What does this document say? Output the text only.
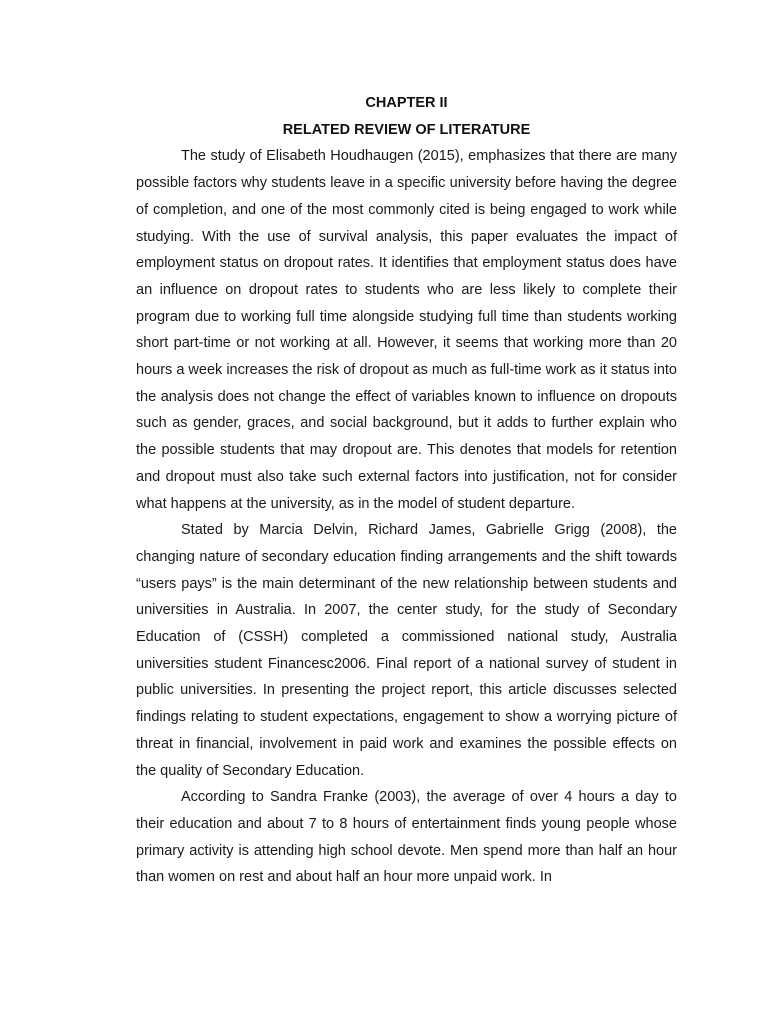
CHAPTER II
RELATED REVIEW OF LITERATURE

The study of Elisabeth Houdhaugen (2015), emphasizes that there are many possible factors why students leave in a specific university before having the degree of completion, and one of the most commonly cited is being engaged to work while studying. With the use of survival analysis, this paper evaluates the impact of employment status on dropout rates. It identifies that employment status does have an influence on dropout rates to students who are less likely to complete their program due to working full time alongside studying full time than students working short part-time or not working at all. However, it seems that working more than 20 hours a week increases the risk of dropout as much as full-time work as it status into the analysis does not change the effect of variables known to influence on dropouts such as gender, graces, and social background, but it adds to further explain who the possible students that may dropout are. This denotes that models for retention and dropout must also take such external factors into justification, not for consider what happens at the university, as in the model of student departure.

Stated by Marcia Delvin, Richard James, Gabrielle Grigg (2008), the changing nature of secondary education finding arrangements and the shift towards “users pays” is the main determinant of the new relationship between students and universities in Australia. In 2007, the center study, for the study of Secondary Education of (CSSH) completed a commissioned national study, Australia universities student Financesc2006. Final report of a national survey of student in public universities. In presenting the project report, this article discusses selected findings relating to student expectations, engagement to show a worrying picture of threat in financial, involvement in paid work and examines the possible effects on the quality of Secondary Education.

According to Sandra Franke (2003), the average of over 4 hours a day to their education and about 7 to 8 hours of entertainment finds young people whose primary activity is attending high school devote. Men spend more than half an hour than women on rest and about half an hour more unpaid work. In
